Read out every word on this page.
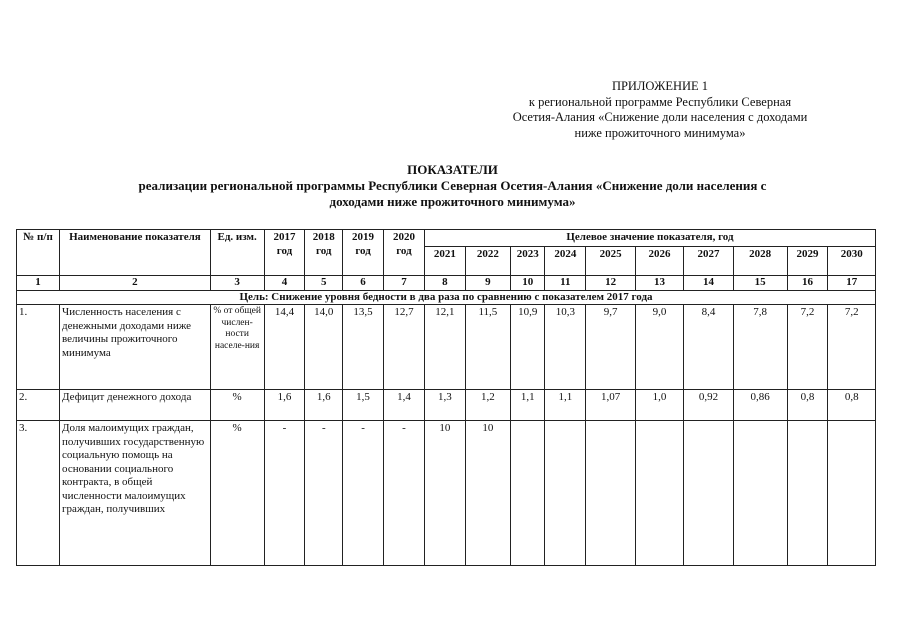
ПРИЛОЖЕНИЕ 1
к региональной программе Республики Северная
Осетия-Алания «Снижение доли населения с доходами
ниже прожиточного минимума»
ПОКАЗАТЕЛИ
реализации региональной программы Республики Северная Осетия-Алания «Снижение доли населения с
доходами ниже прожиточного минимума»
№ п/п	Наименование показателя	Ед. изм.	2017 год	2018 год	2019 год	2020 год	Целевое значение показателя, год									
							2021	2022	2023	2024	2025	2026	2027	2028	2029	2030
1	2	3	4	5	6	7	8	9	10	11	12	13	14	15	16	17
Цель: Снижение уровня бедности в два раза по сравнению с показателем 2017 года																
1.	Численность населения с денежными доходами ниже величины прожиточного минимума	% от общей числен-ности населе-ния	14,4	14,0	13,5	12,7	12,1	11,5	10,9	10,3	9,7	9,0	8,4	7,8	7,2	7,2
2.	Дефицит денежного дохода	%	1,6	1,6	1,5	1,4	1,3	1,2	1,1	1,1	1,07	1,0	0,92	0,86	0,8	0,8
3.	Доля малоимущих граждан, получивших государственную социальную помощь на основании социального контракта, в общей численности малоимущих граждан, получивших	%	-	-	-	-	10	10								
